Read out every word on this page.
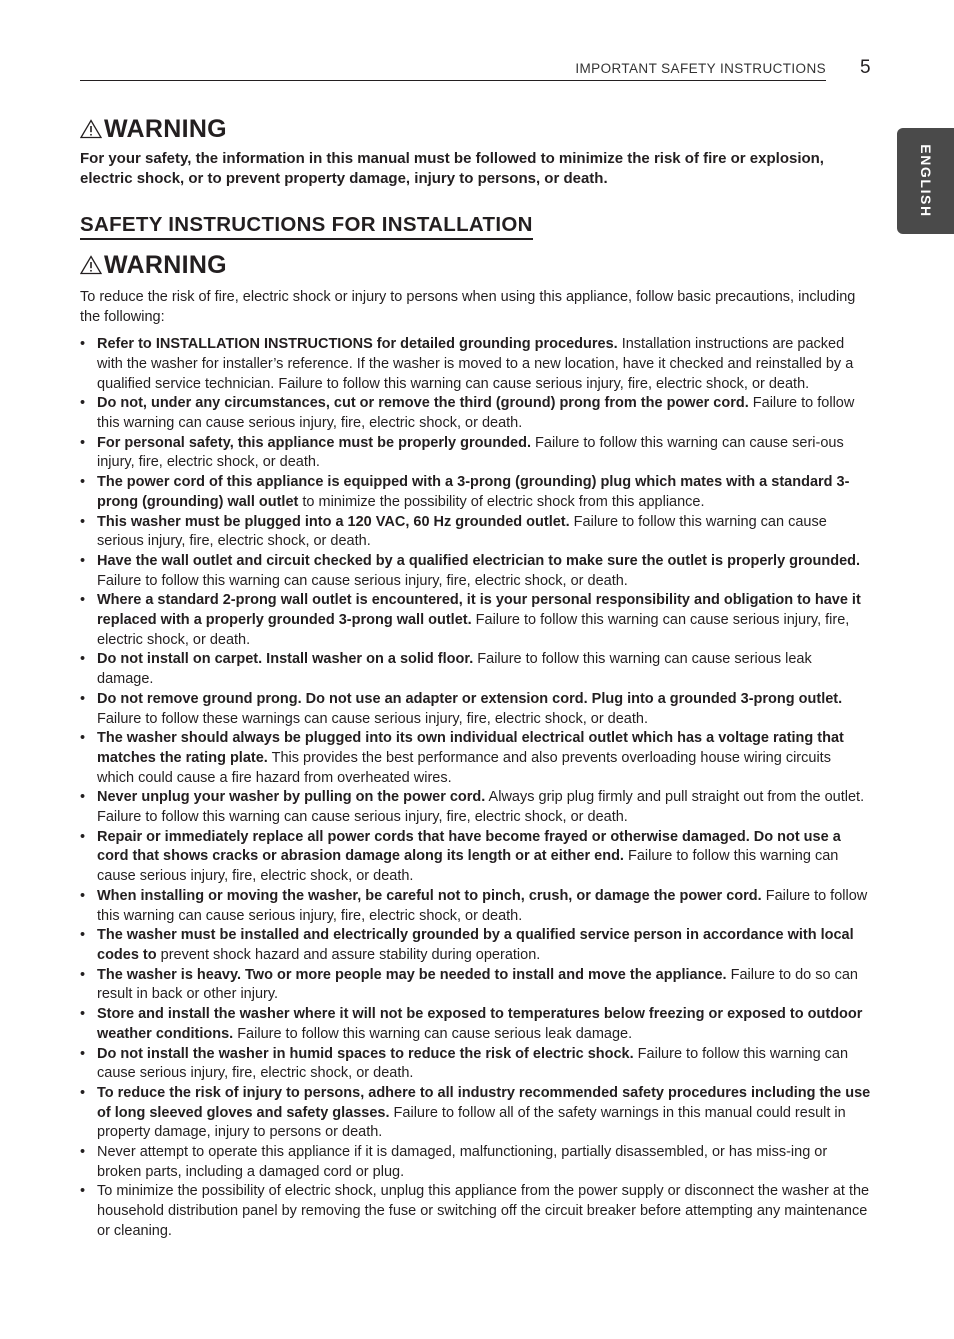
IMPORTANT SAFETY INSTRUCTIONS 5
ENGLISH
WARNING

For your safety, the information in this manual must be followed to minimize the risk of fire or explosion, electric shock, or to prevent property damage, injury to persons, or death.

SAFETY INSTRUCTIONS FOR INSTALLATION
WARNING

To reduce the risk of fire, electric shock or injury to persons when using this appliance, follow basic precautions, including the following:

• Refer to INSTALLATION INSTRUCTIONS for detailed grounding procedures. Installation instructions are packed with the washer for installer’s reference. If the washer is moved to a new location, have it checked and reinstalled by a qualified service technician. Failure to follow this warning can cause serious injury, fire, electric shock, or death.
• Do not, under any circumstances, cut or remove the third (ground) prong from the power cord. Failure to follow this warning can cause serious injury, fire, electric shock, or death.
• For personal safety, this appliance must be properly grounded. Failure to follow this warning can cause seri-ous injury, fire, electric shock, or death.
• The power cord of this appliance is equipped with a 3-prong (grounding) plug which mates with a standard 3-prong (grounding) wall outlet to minimize the possibility of electric shock from this appliance.
• This washer must be plugged into a 120 VAC, 60 Hz grounded outlet. Failure to follow this warning can cause serious injury, fire, electric shock, or death.
• Have the wall outlet and circuit checked by a qualified electrician to make sure the outlet is properly grounded. Failure to follow this warning can cause serious injury, fire, electric shock, or death.
• Where a standard 2-prong wall outlet is encountered, it is your personal responsibility and obligation to have it replaced with a properly grounded 3-prong wall outlet. Failure to follow this warning can cause serious injury, fire, electric shock, or death.
• Do not install on carpet. Install washer on a solid floor. Failure to follow this warning can cause serious leak damage.
• Do not remove ground prong. Do not use an adapter or extension cord. Plug into a grounded 3-prong outlet. Failure to follow these warnings can cause serious injury, fire, electric shock, or death.
• The washer should always be plugged into its own individual electrical outlet which has a voltage rating that matches the rating plate. This provides the best performance and also prevents overloading house wiring circuits which could cause a fire hazard from overheated wires.
• Never unplug your washer by pulling on the power cord. Always grip plug firmly and pull straight out from the outlet. Failure to follow this warning can cause serious injury, fire, electric shock, or death.
• Repair or immediately replace all power cords that have become frayed or otherwise damaged. Do not use a cord that shows cracks or abrasion damage along its length or at either end. Failure to follow this warning can cause serious injury, fire, electric shock, or death.
• When installing or moving the washer, be careful not to pinch, crush, or damage the power cord. Failure to follow this warning can cause serious injury, fire, electric shock, or death.
• The washer must be installed and electrically grounded by a qualified service person in accordance with local codes to prevent shock hazard and assure stability during operation.
• The washer is heavy. Two or more people may be needed to install and move the appliance. Failure to do so can result in back or other injury.
• Store and install the washer where it will not be exposed to temperatures below freezing or exposed to outdoor weather conditions. Failure to follow this warning can cause serious leak damage.
• Do not install the washer in humid spaces to reduce the risk of electric shock. Failure to follow this warning can cause serious injury, fire, electric shock, or death.
• To reduce the risk of injury to persons, adhere to all industry recommended safety procedures including the use of long sleeved gloves and safety glasses. Failure to follow all of the safety warnings in this manual could result in property damage, injury to persons or death.
• Never attempt to operate this appliance if it is damaged, malfunctioning, partially disassembled, or has miss-ing or broken parts, including a damaged cord or plug.
• To minimize the possibility of electric shock, unplug this appliance from the power supply or disconnect the washer at the household distribution panel by removing the fuse or switching off the circuit breaker before attempting any maintenance or cleaning.
